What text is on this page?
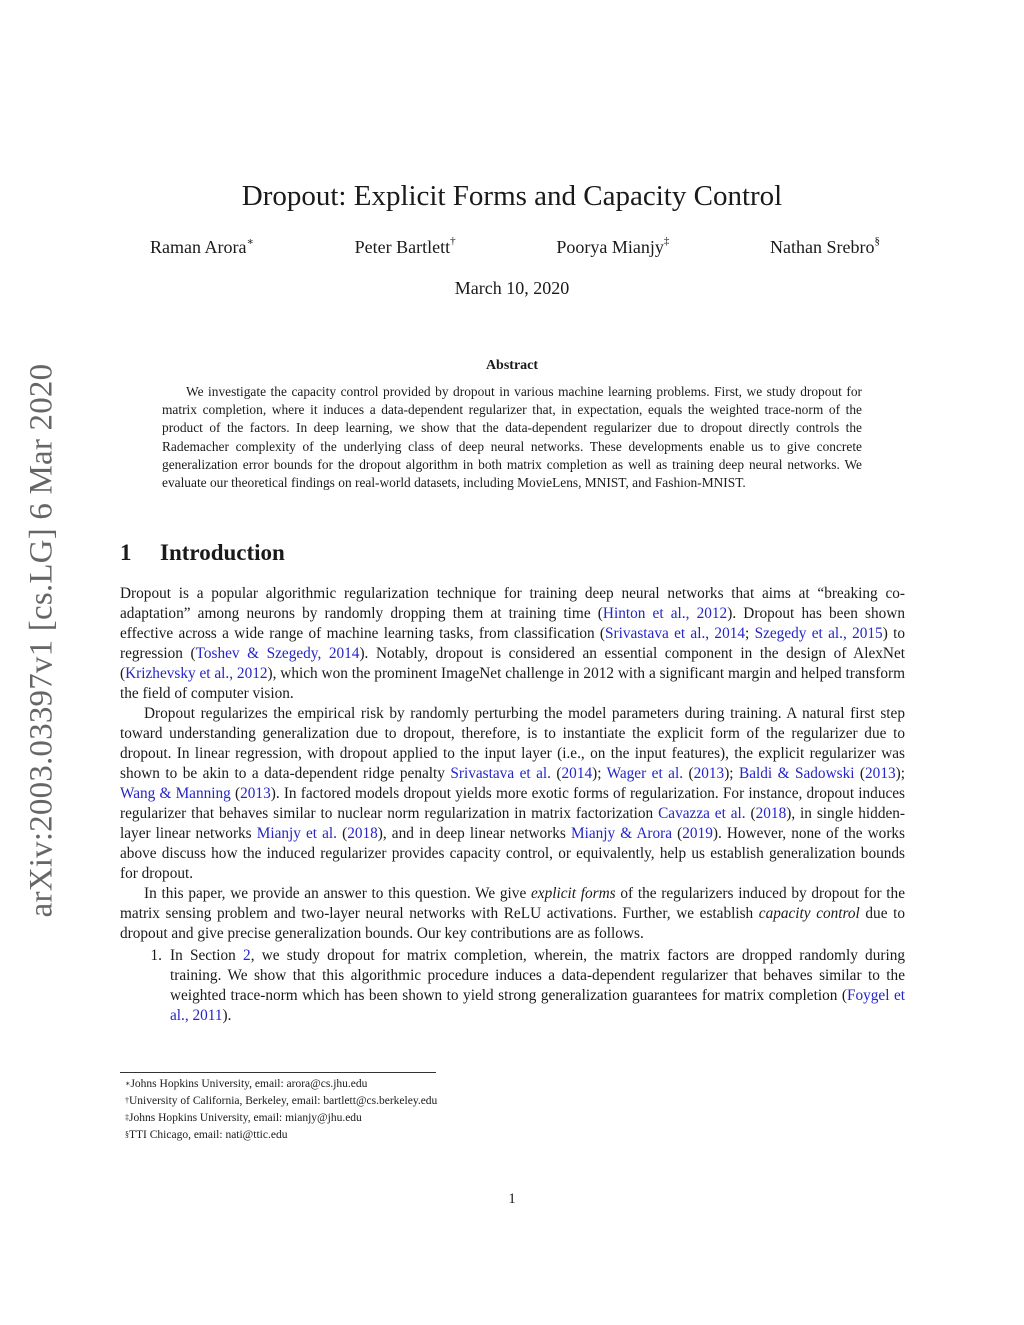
arXiv:2003.03397v1 [cs.LG] 6 Mar 2020
Dropout: Explicit Forms and Capacity Control
Raman Arora∗	Peter Bartlett†	Poorya Mianjy‡	Nathan Srebro§
March 10, 2020
Abstract

We investigate the capacity control provided by dropout in various machine learning problems. First, we study dropout for matrix completion, where it induces a data-dependent regularizer that, in expectation, equals the weighted trace-norm of the product of the factors. In deep learning, we show that the data-dependent regularizer due to dropout directly controls the Rademacher complexity of the underlying class of deep neural networks. These developments enable us to give concrete generalization error bounds for the dropout algorithm in both matrix completion as well as training deep neural networks. We evaluate our theoretical findings on real-world datasets, including MovieLens, MNIST, and Fashion-MNIST.

1 Introduction

Dropout is a popular algorithmic regularization technique for training deep neural networks that aims at “breaking co-adaptation” among neurons by randomly dropping them at training time (Hinton et al., 2012). Dropout has been shown effective across a wide range of machine learning tasks, from classification (Srivastava et al., 2014; Szegedy et al., 2015) to regression (Toshev & Szegedy, 2014). Notably, dropout is considered an essential component in the design of AlexNet (Krizhevsky et al., 2012), which won the prominent ImageNet challenge in 2012 with a significant margin and helped transform the field of computer vision.

Dropout regularizes the empirical risk by randomly perturbing the model parameters during training. A natural first step toward understanding generalization due to dropout, therefore, is to instantiate the explicit form of the regularizer due to dropout. In linear regression, with dropout applied to the input layer (i.e., on the input features), the explicit regularizer was shown to be akin to a data-dependent ridge penalty Srivastava et al. (2014); Wager et al. (2013); Baldi & Sadowski (2013); Wang & Manning (2013). In factored models dropout yields more exotic forms of regularization. For instance, dropout induces regularizer that behaves similar to nuclear norm regularization in matrix factorization Cavazza et al. (2018), in single hidden-layer linear networks Mianjy et al. (2018), and in deep linear networks Mianjy & Arora (2019). However, none of the works above discuss how the induced regularizer provides capacity control, or equivalently, help us establish generalization bounds for dropout.

In this paper, we provide an answer to this question. We give explicit forms of the regularizers induced by dropout for the matrix sensing problem and two-layer neural networks with ReLU activations. Further, we establish capacity control due to dropout and give precise generalization bounds. Our key contributions are as follows.

1. In Section 2, we study dropout for matrix completion, wherein, the matrix factors are dropped randomly during training. We show that this algorithmic procedure induces a data-dependent regularizer that behaves similar to the weighted trace-norm which has been shown to yield strong generalization guarantees for matrix completion (Foygel et al., 2011).
∗Johns Hopkins University, email: arora@cs.jhu.edu
†University of California, Berkeley, email: bartlett@cs.berkeley.edu
‡Johns Hopkins University, email: mianjy@jhu.edu
§TTI Chicago, email: nati@ttic.edu
1
